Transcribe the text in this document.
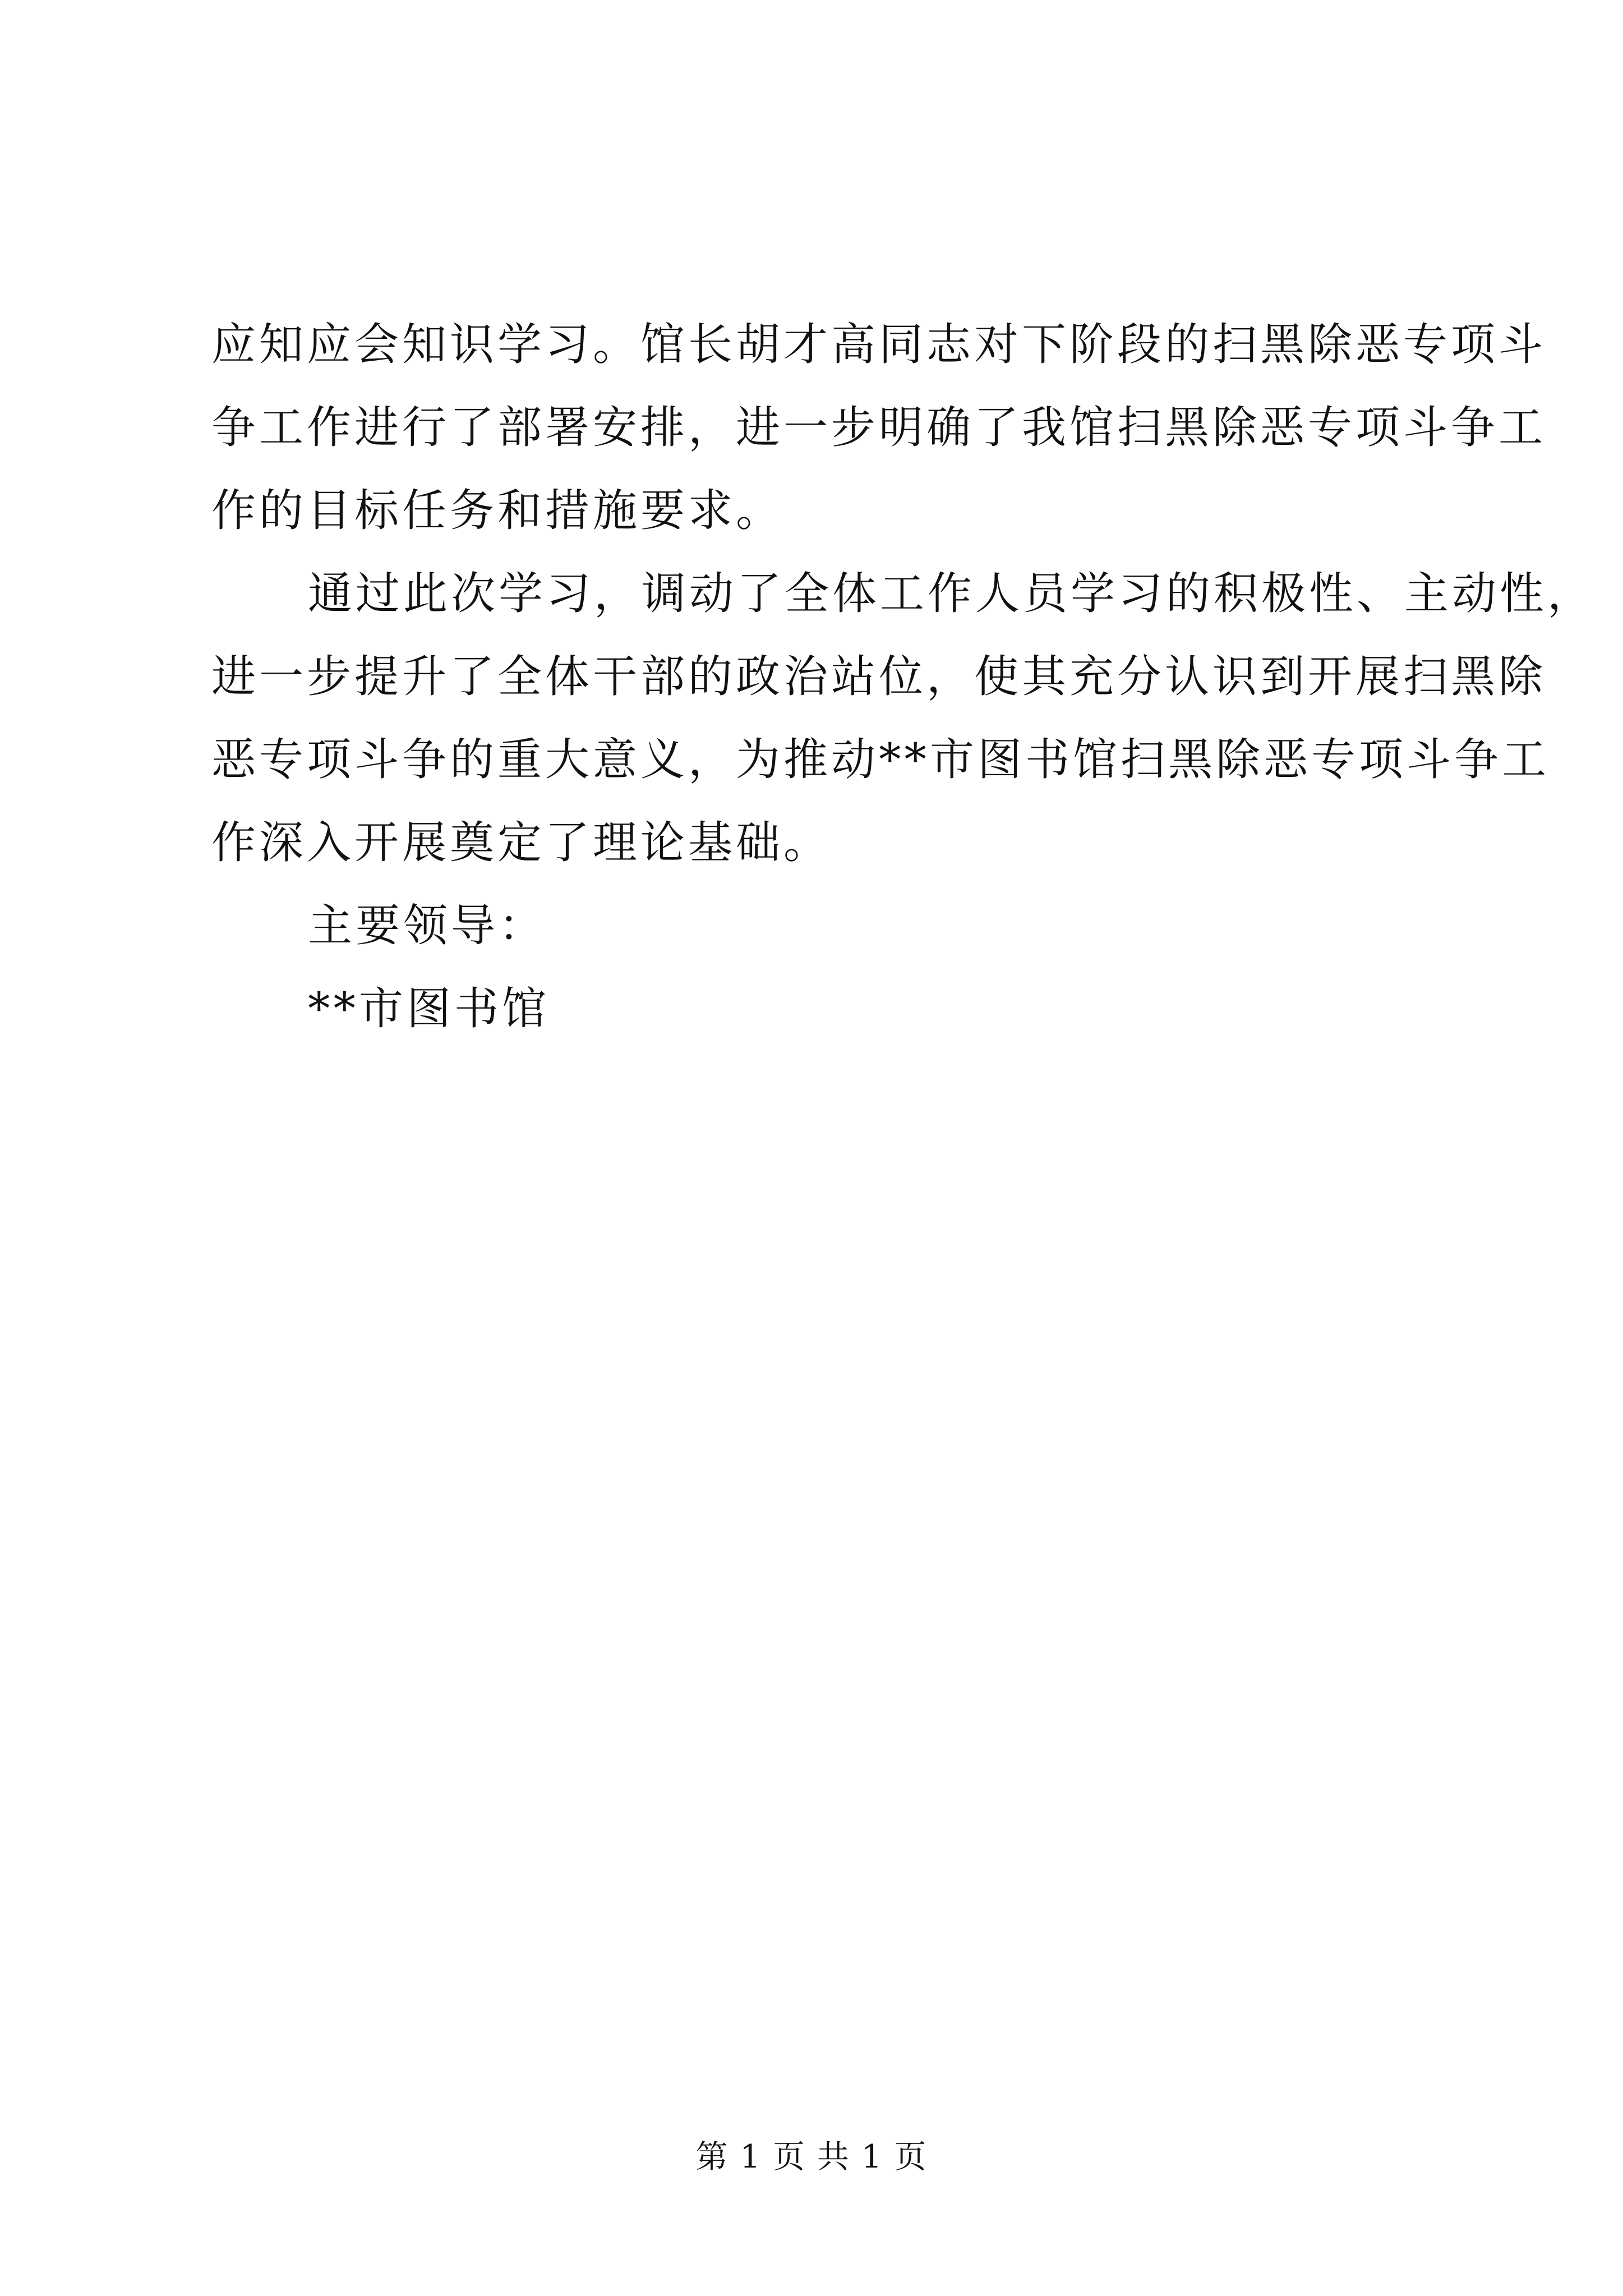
应知应会知识学习。馆长胡才高同志对下阶段的扫黑除恶专项斗
争工作进行了部署安排，进一步明确了我馆扫黑除恶专项斗争工
作的目标任务和措施要求。
通过此次学习，调动了全体工作人员学习的积极性、主动性，
进一步提升了全体干部的政治站位，使其充分认识到开展扫黑除
恶专项斗争的重大意义，为推动**市图书馆扫黑除恶专项斗争工
作深入开展奠定了理论基础。
主要领导：
**市图书馆
第 1 页 共 1 页
